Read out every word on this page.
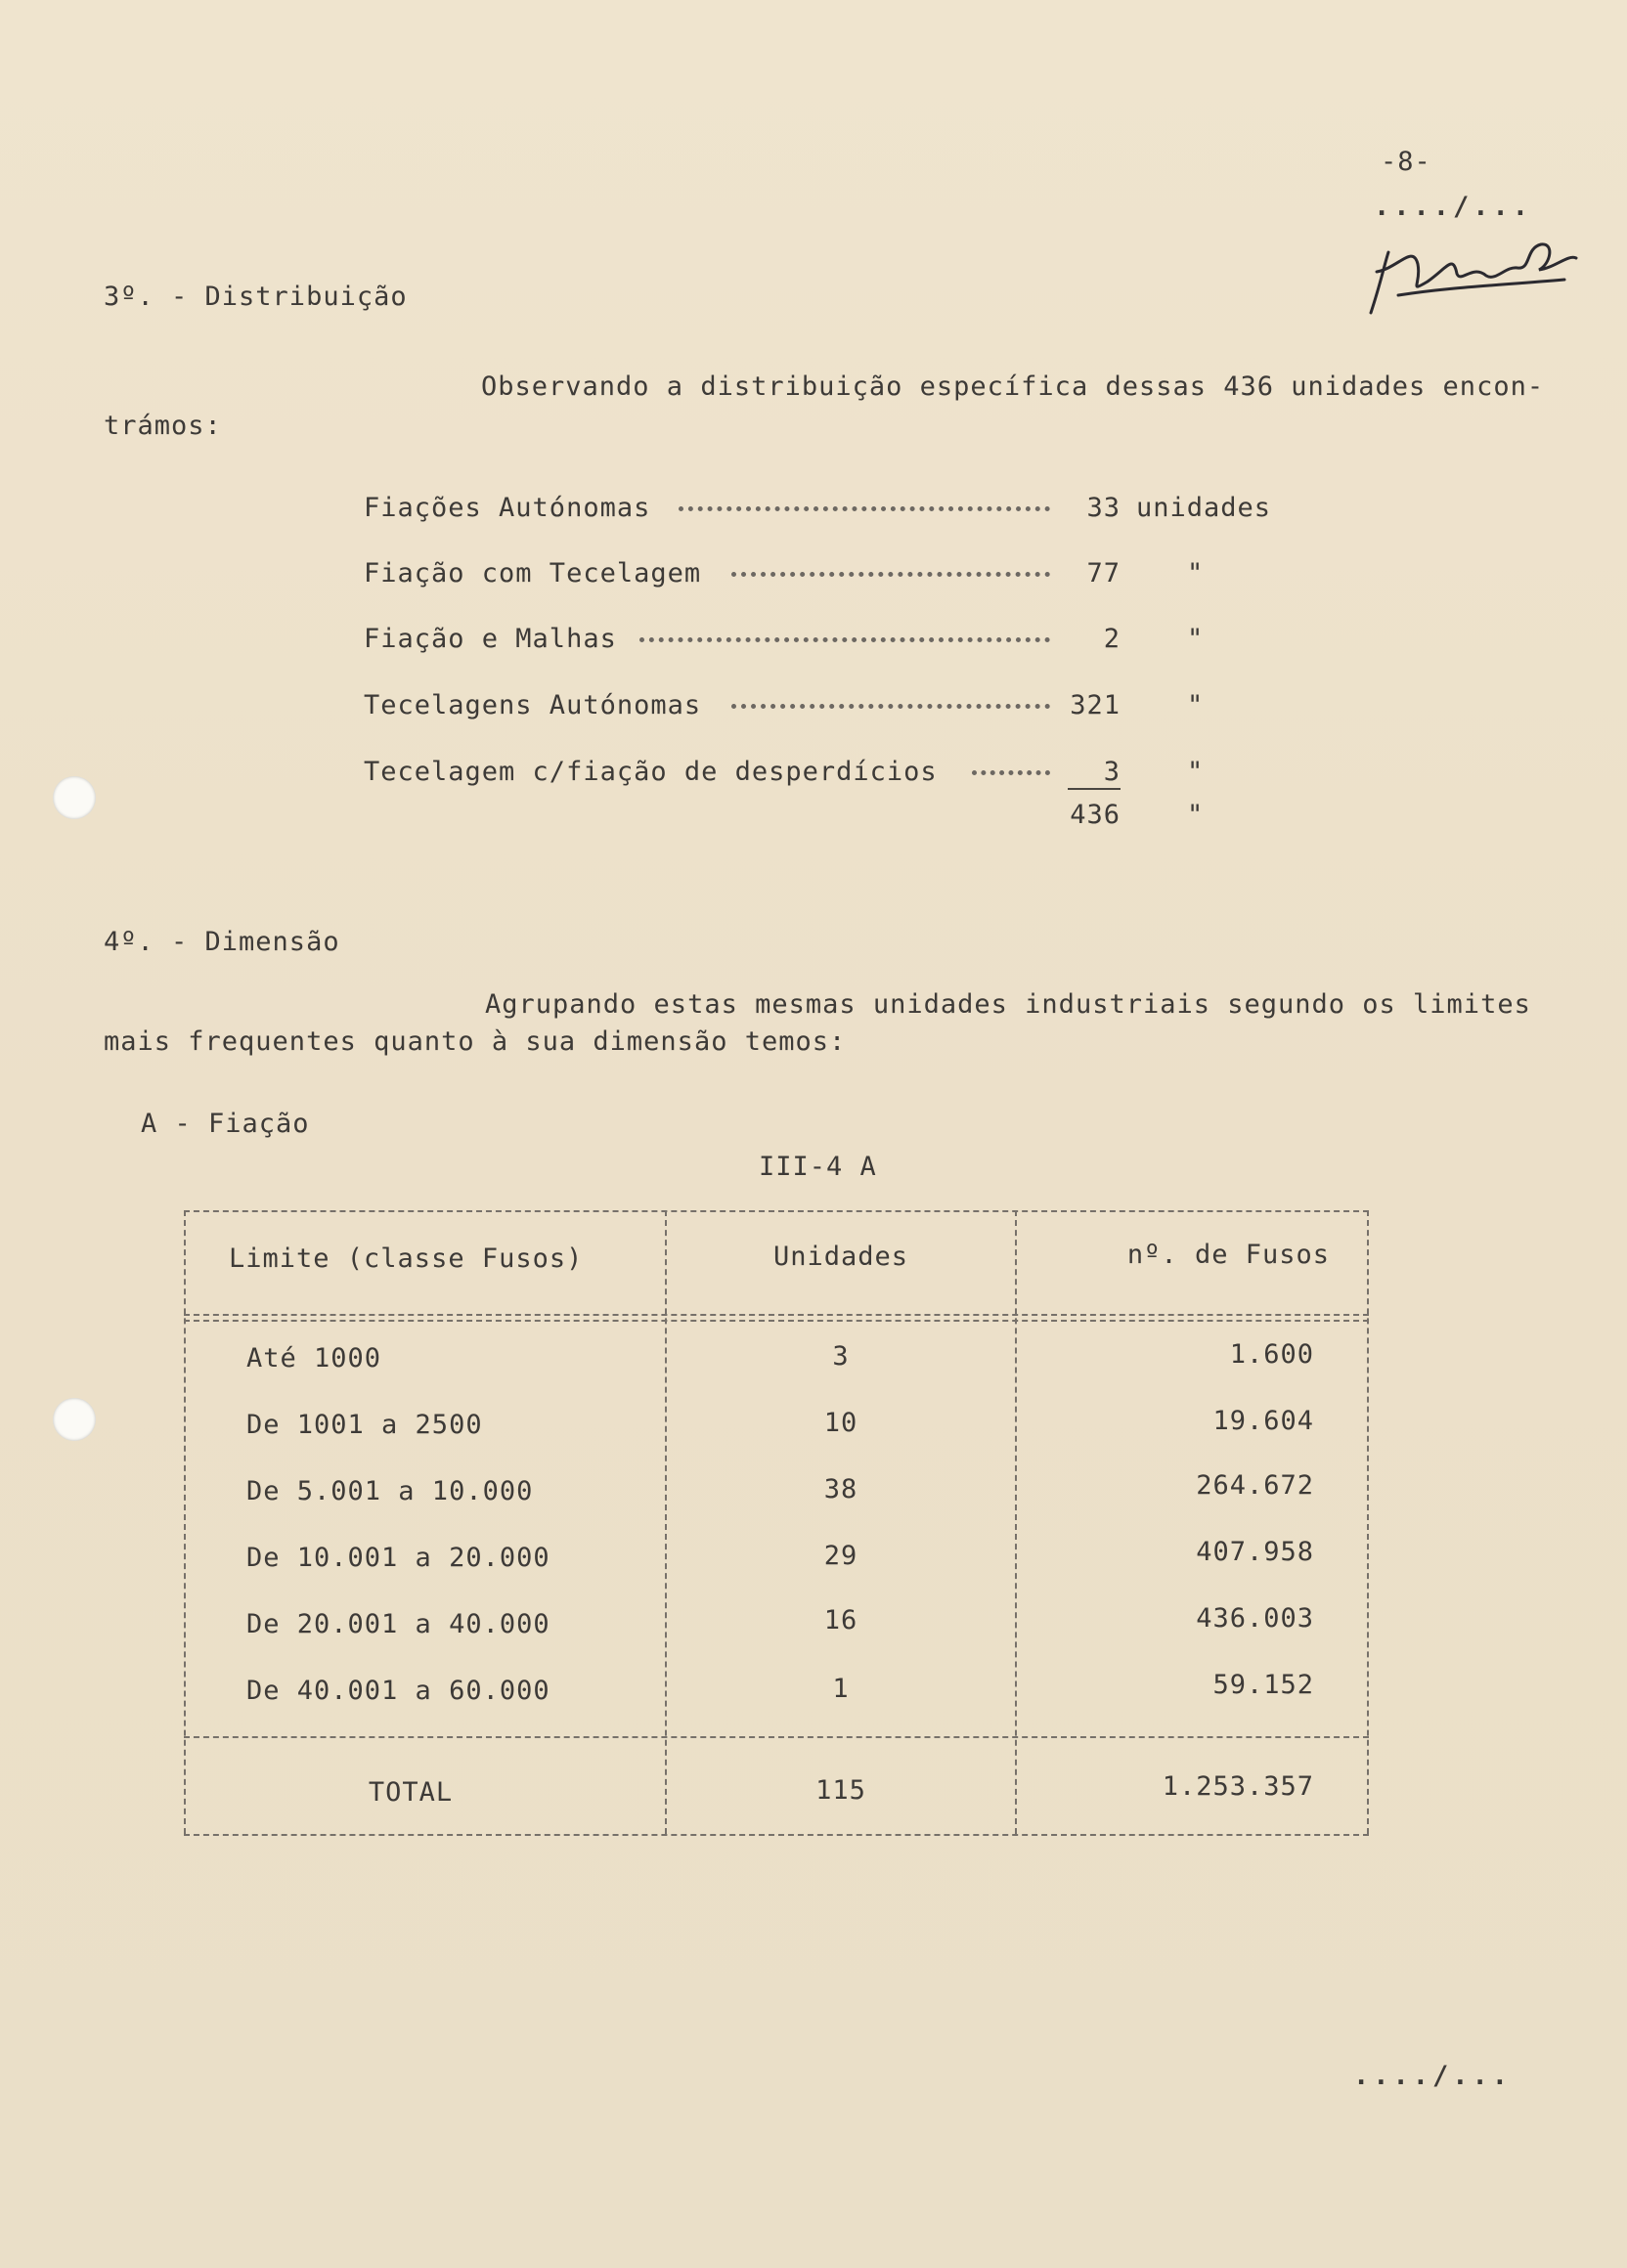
-8-
..../...
3º. - Distribuição
Observando a distribuição específica dessas 436 unidades encon-
trámos:
Fiações Autónomas	33 unidades
Fiação com Tecelagem	77	"
Fiação e Malhas	2	"
Tecelagens Autónomas	321	"
Tecelagem c/fiação de desperdícios	3	"
436	"
4º. - Dimensão
Agrupando estas mesmas unidades industriais segundo os limites
mais frequentes quanto à sua dimensão temos:
A - Fiação
III-4 A
Limite (classe Fusos)	Unidades	nº. de Fusos
Até 1000	3	1.600
De 1001 a 2500	10	19.604
De 5.001 a 10.000	38	264.672
De 10.001 a 20.000	29	407.958
De 20.001 a 40.000	16	436.003
De 40.001 a 60.000	1	59.152
TOTAL	115	1.253.357
..../...
